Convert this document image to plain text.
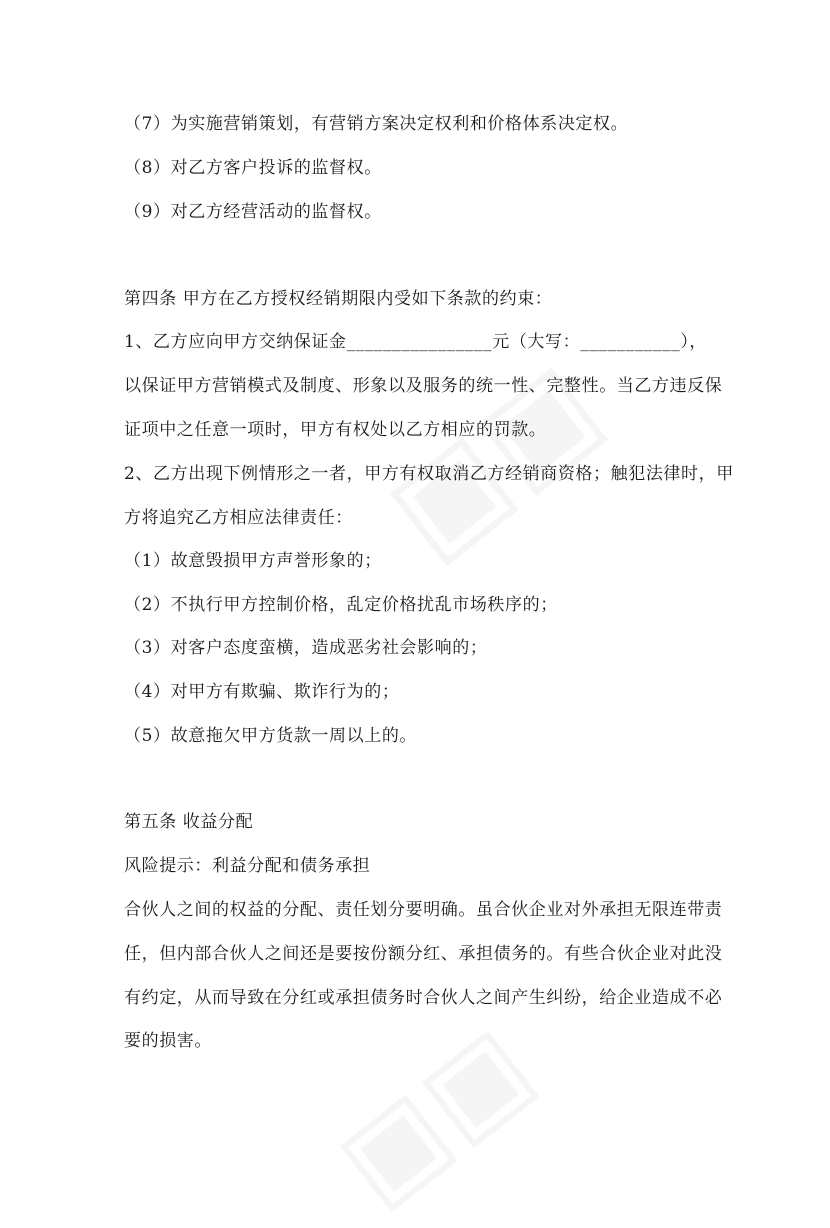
（7）为实施营销策划，有营销方案决定权利和价格体系决定权。
（8）对乙方客户投诉的监督权。
（9）对乙方经营活动的监督权。
第四条 甲方在乙方授权经销期限内受如下条款的约束：
1、乙方应向甲方交纳保证金________________元（大写：___________），
以保证甲方营销模式及制度、形象以及服务的统一性、完整性。当乙方违反保
证项中之任意一项时，甲方有权处以乙方相应的罚款。
2、乙方出现下例情形之一者，甲方有权取消乙方经销商资格；触犯法律时，甲
方将追究乙方相应法律责任：
（1）故意毁损甲方声誉形象的；
（2）不执行甲方控制价格，乱定价格扰乱市场秩序的；
（3）对客户态度蛮横，造成恶劣社会影响的；
（4）对甲方有欺骗、欺诈行为的；
（5）故意拖欠甲方货款一周以上的。
第五条 收益分配
风险提示：利益分配和债务承担
合伙人之间的权益的分配、责任划分要明确。虽合伙企业对外承担无限连带责
任，但内部合伙人之间还是要按份额分红、承担债务的。有些合伙企业对此没
有约定，从而导致在分红或承担债务时合伙人之间产生纠纷，给企业造成不必
要的损害。
